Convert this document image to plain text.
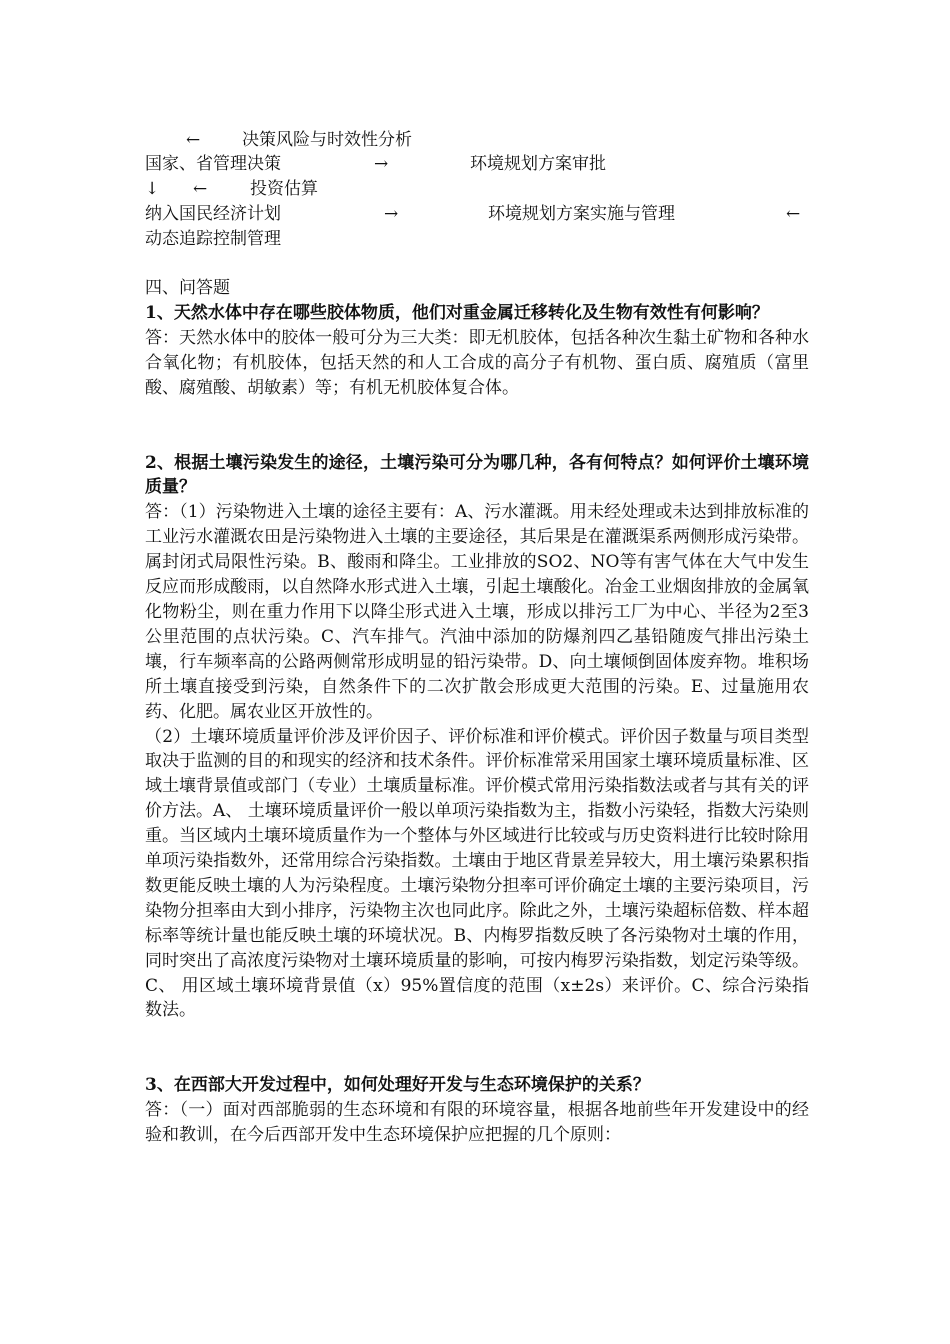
← 决策风险与时效性分析
国家、省管理决策	→	环境规划方案审批
↓ ←	投资估算
纳入国民经济计划	→	环境规划方案实施与管理	←
动态追踪控制管理

四、问答题

1、天然水体中存在哪些胶体物质，他们对重金属迁移转化及生物有效性有何影响？

答：天然水体中的胶体一般可分为三大类：即无机胶体，包括各种次生黏土矿物和各种水合氧化物；有机胶体，包括天然的和人工合成的高分子有机物、蛋白质、腐殖质（富里酸、腐殖酸、胡敏素）等；有机无机胶体复合体。

2、根据土壤污染发生的途径，土壤污染可分为哪几种，各有何特点？如何评价土壤环境质量？

答：（1）污染物进入土壤的途径主要有：A、污水灌溉。用未经处理或未达到排放标准的工业污水灌溉农田是污染物进入土壤的主要途径，其后果是在灌溉渠系两侧形成污染带。属封闭式局限性污染。B、酸雨和降尘。工业排放的SO2、NO等有害气体在大气中发生反应而形成酸雨，以自然降水形式进入土壤，引起土壤酸化。冶金工业烟囱排放的金属氧化物粉尘，则在重力作用下以降尘形式进入土壤，形成以排污工厂为中心、半径为2至3公里范围的点状污染。C、汽车排气。汽油中添加的防爆剂四乙基铅随废气排出污染土壤，行车频率高的公路两侧常形成明显的铅污染带。D、向土壤倾倒固体废弃物。堆积场所土壤直接受到污染，自然条件下的二次扩散会形成更大范围的污染。E、过量施用农药、化肥。属农业区开放性的。

（2）土壤环境质量评价涉及评价因子、评价标准和评价模式。评价因子数量与项目类型取决于监测的目的和现实的经济和技术条件。评价标准常采用国家土壤环境质量标准、区域土壤背景值或部门（专业）土壤质量标准。评价模式常用污染指数法或者与其有关的评价方法。A、 土壤环境质量评价一般以单项污染指数为主，指数小污染轻，指数大污染则重。当区域内土壤环境质量作为一个整体与外区域进行比较或与历史资料进行比较时除用单项污染指数外，还常用综合污染指数。土壤由于地区背景差异较大，用土壤污染累积指数更能反映土壤的人为污染程度。土壤污染物分担率可评价确定土壤的主要污染项目，污染物分担率由大到小排序，污染物主次也同此序。除此之外，土壤污染超标倍数、样本超标率等统计量也能反映土壤的环境状况。B、内梅罗指数反映了各污染物对土壤的作用，同时突出了高浓度污染物对土壤环境质量的影响，可按内梅罗污染指数，划定污染等级。C、 用区域土壤环境背景值（x）95%置信度的范围（x±2s）来评价。C、综合污染指数法。

3、在西部大开发过程中，如何处理好开发与生态环境保护的关系？

答：（一）面对西部脆弱的生态环境和有限的环境容量，根据各地前些年开发建设中的经验和教训，在今后西部开发中生态环境保护应把握的几个原则：
